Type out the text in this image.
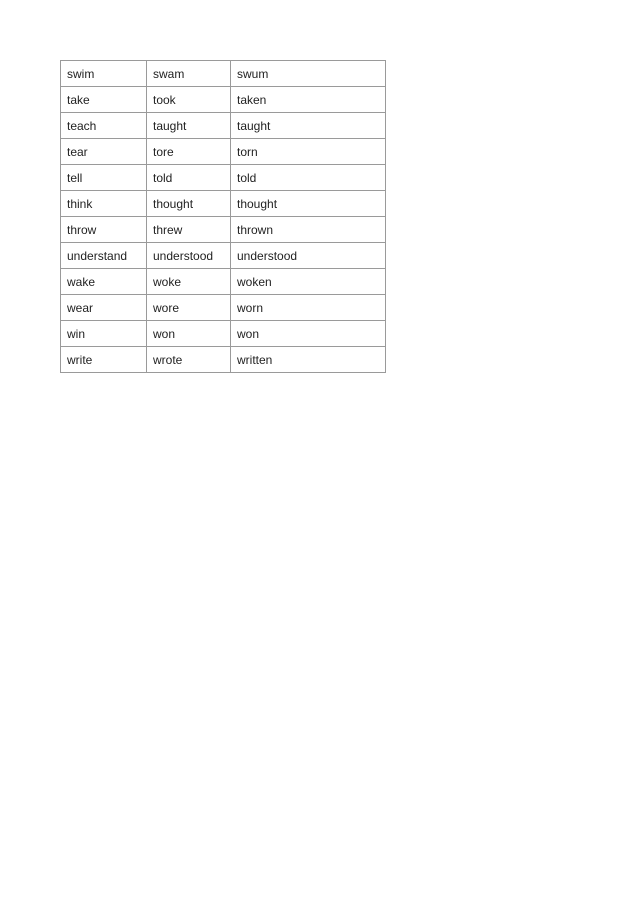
swim	swam	swum
take	took	taken
teach	taught	taught
tear	tore	torn
tell	told	told
think	thought	thought
throw	threw	thrown
understand	understood	understood
wake	woke	woken
wear	wore	worn
win	won	won
write	wrote	written
